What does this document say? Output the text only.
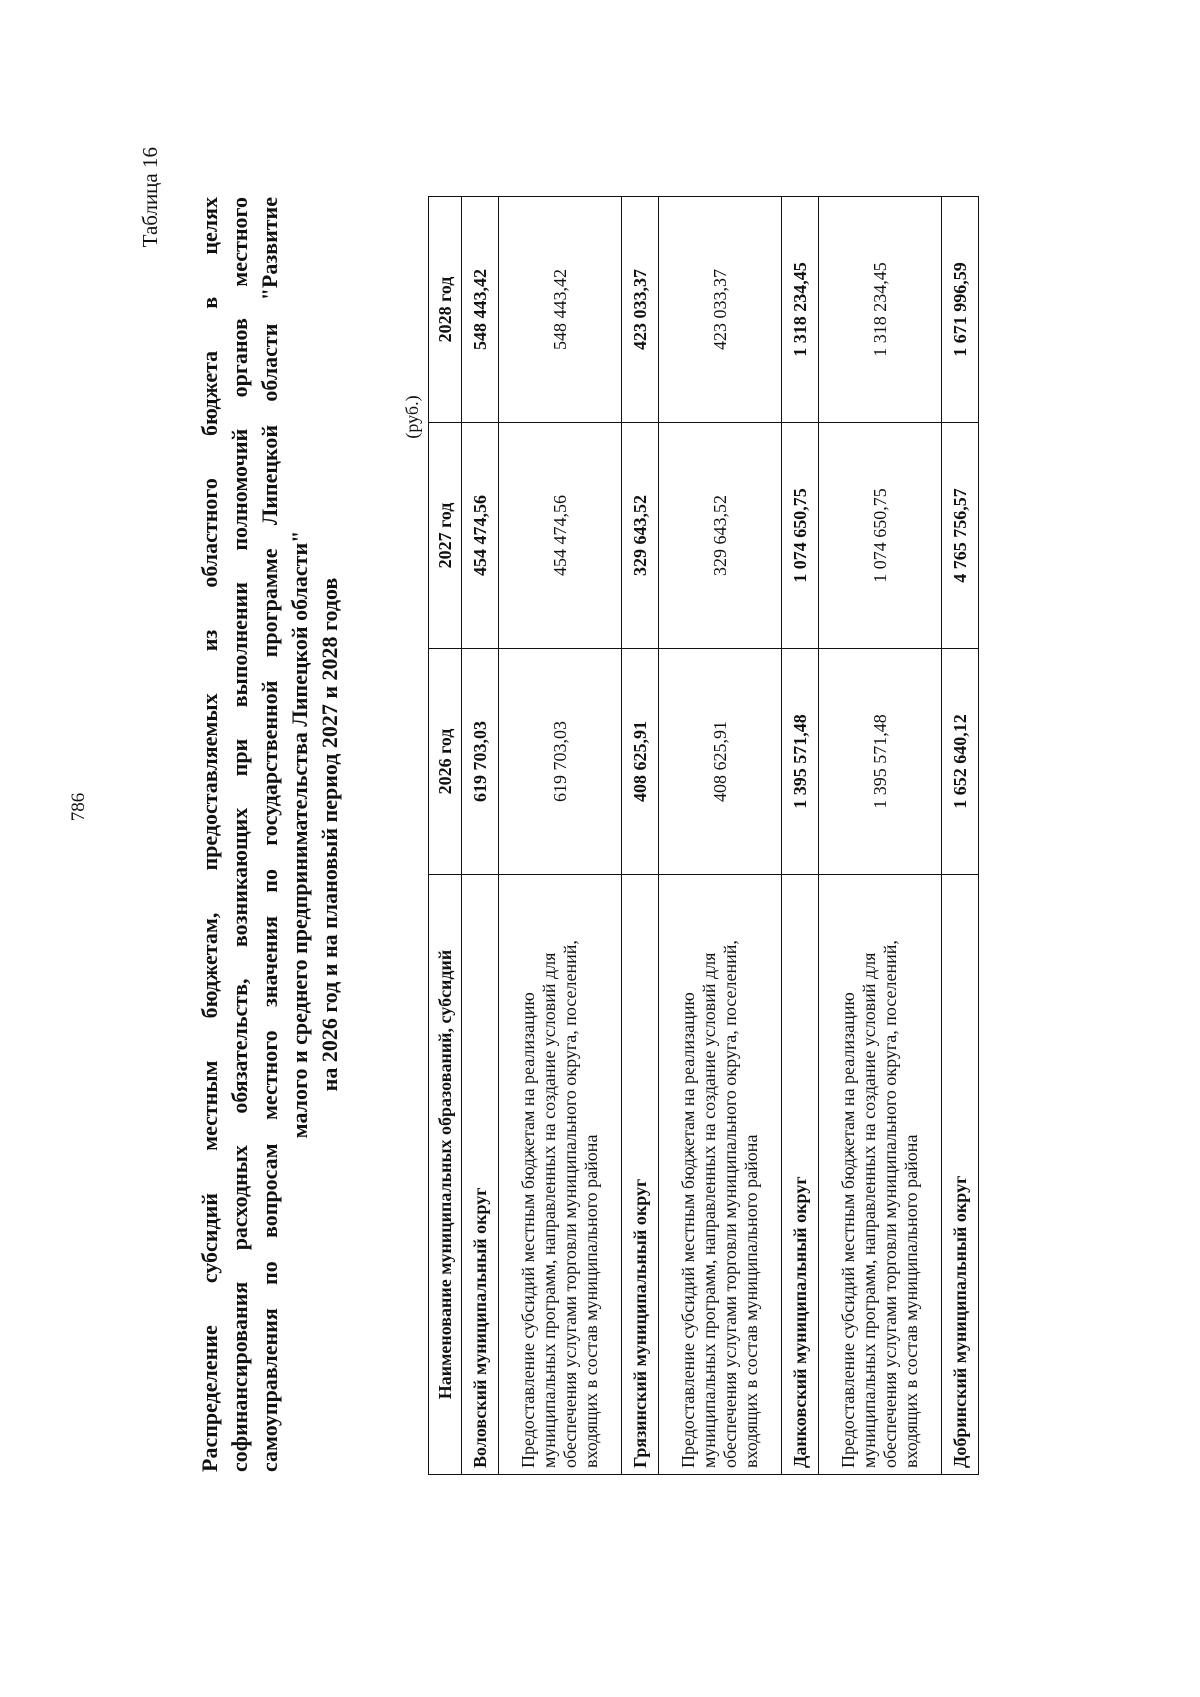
786
Таблица 16 Распределение субсидий местным бюджетам, предоставляемых из областного бюджета в целях софинансирования расходных обязательств, возникающих при выполнении полномочий органов местного самоуправления по вопросам местного значения по государственной программе Липецкой области "Развитие малого и среднего предпринимательства Липецкой области" на 2026 год и на плановый период 2027 и 2028 годов
(руб.)
Наименование муниципальных образований, субсидий	2026 год	2027 год	2028 год
Воловский муниципальный округ	619 703,03	454 474,56	548 443,42
Предоставление субсидий местным бюджетам на реализацию муниципальных программ, направленных на создание условий для обеспечения услугами торговли муниципального округа, поселений, входящих в состав муниципального района	619 703,03	454 474,56	548 443,42
Грязинский муниципальный округ	408 625,91	329 643,52	423 033,37
Предоставление субсидий местным бюджетам на реализацию муниципальных программ, направленных на создание условий для обеспечения услугами торговли муниципального округа, поселений, входящих в состав муниципального района	408 625,91	329 643,52	423 033,37
Данковский муниципальный округ	1 395 571,48	1 074 650,75	1 318 234,45
Предоставление субсидий местным бюджетам на реализацию муниципальных программ, направленных на создание условий для обеспечения услугами торговли муниципального округа, поселений, входящих в состав муниципального района	1 395 571,48	1 074 650,75	1 318 234,45
Добринский муниципальный округ	1 652 640,12	4 765 756,57	1 671 996,59
